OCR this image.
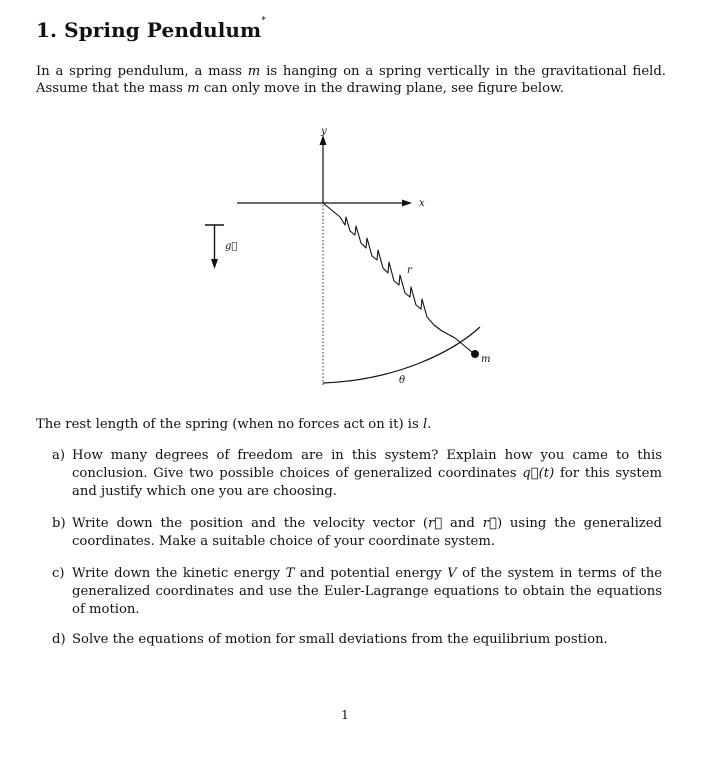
1. Spring Pendulum*

In a spring pendulum, a mass m is hanging on a spring vertically in the gravitational field. Assume that the mass m can only move in the drawing plane, see figure below.

y
x
g⃗
m
r
θ

The rest length of the spring (when no forces act on it) is l.

a) How many degrees of freedom are in this system? Explain how you came to this conclusion. Give two possible choices of generalized coordinates q⃗(t) for this system and justify which one you are choosing.
b) Write down the position and the velocity vector (r⃗ and r⃗̇) using the generalized coordinates. Make a suitable choice of your coordinate system.
c) Write down the kinetic energy T and potential energy V of the system in terms of the generalized coordinates and use the Euler-Lagrange equations to obtain the equations of motion.
d) Solve the equations of motion for small deviations from the equilibrium postion.
1
